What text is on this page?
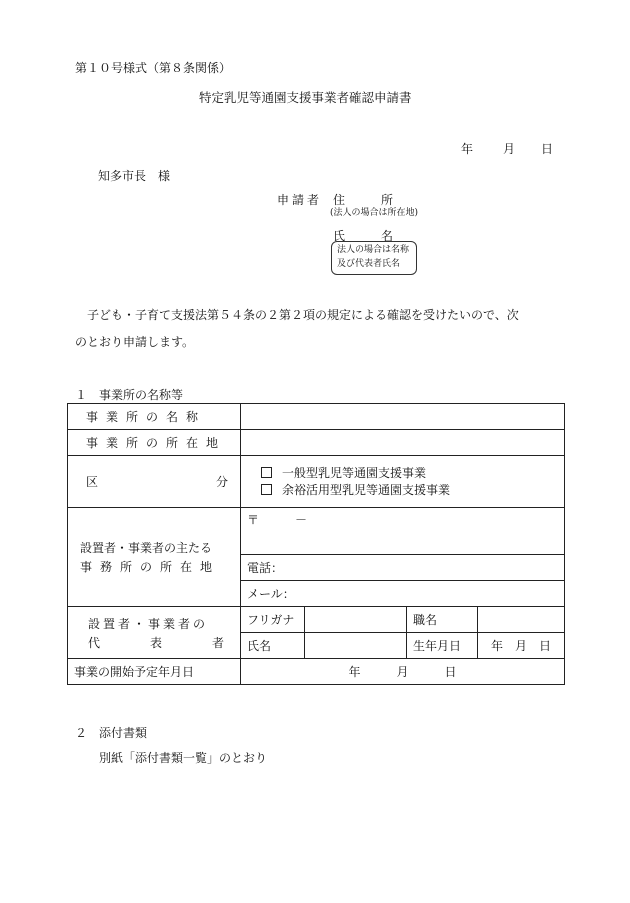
第１０号様式（第８条関係）
特定乳児等通園支援事業者確認申請書
年 月 日
知多市長　様
申請者 住　　　所
(法人の場合は所在地)
氏　　　名
法人の場合は名称
及び代表者氏名
子ども・子育て支援法第５４条の２第２項の規定による確認を受けたいので、次
のとおり申請します。
１　事業所の名称等
事業所の名称				
事業所の所在地				

区 分	一般型乳児等通園支援事業
余裕活用型乳児等通園支援事業			

設置者・事業者の主たる
事務所の所在地	〒　　　－			
	電話：			
	メール：			

設置者・事業者の
代 表 者	フリガナ		職名	
	氏名		生年月日	年　月　日
事業の開始予定年月日	年　　　月　　　日			
２　添付書類
別紙「添付書類一覧」のとおり
